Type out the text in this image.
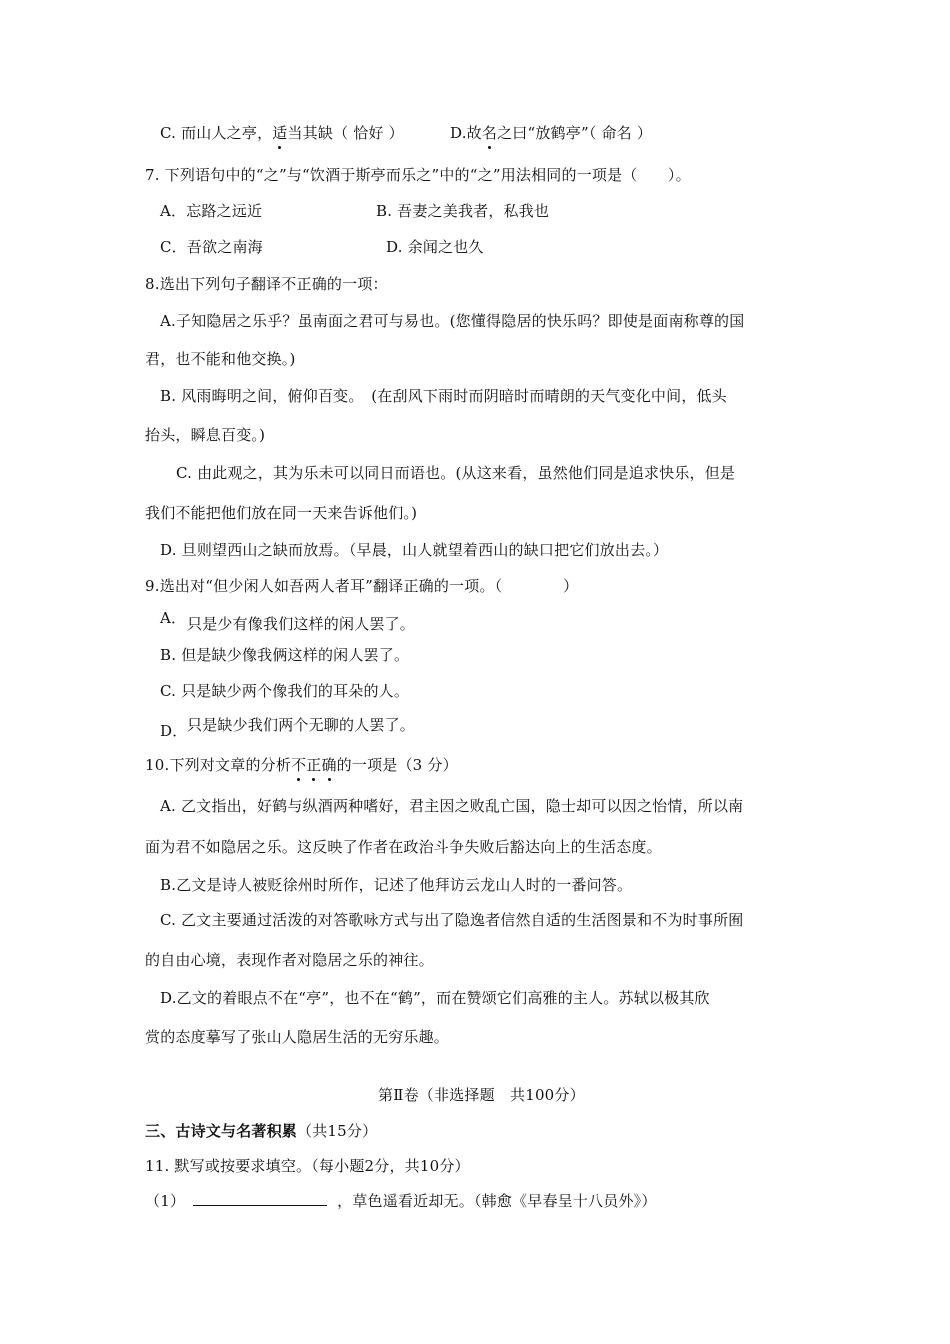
C. 而山人之亭，适当其缺（ 恰好 ）	D.故名之曰“放鹤亭”（ 命名 ）
7. 下列语句中的“之”与“饮酒于斯亭而乐之”中的“之”用法相同的一项是（　　）。
A．忘路之远近	B. 吾妻之美我者，私我也
C．吾欲之南海	D. 余闻之也久
8.选出下列句子翻译不正确的一项：
A.子知隐居之乐乎？虽南面之君可与易也。(您懂得隐居的快乐吗？即使是面南称尊的国
君，也不能和他交换。)
B. 风雨晦明之间，俯仰百变。　(在刮风下雨时而阴暗时而晴朗的天气变化中间，低头
抬头，瞬息百变。)
C. 由此观之，其为乐未可以同日而语也。(从这来看，虽然他们同是追求快乐，但是
我们不能把他们放在同一天来告诉他们。)
D. 旦则望西山之缺而放焉。（早晨，山人就望着西山的缺口把它们放出去。）
9.选出对“但少闲人如吾两人者耳”翻译正确的一项。（　　　　）
A． 只是少有像我们这样的闲人罢了。
B. 但是缺少像我俩这样的闲人罢了。
C. 只是缺少两个像我们的耳朵的人。
D． 只是缺少我们两个无聊的人罢了。
10.下列对文章的分析不正确的一项是（3 分）
A. 乙文指出，好鹤与纵酒两种嗜好，君主因之败乱亡国，隐士却可以因之怡情，所以南
面为君不如隐居之乐。这反映了作者在政治斗争失败后豁达向上的生活态度。
B.乙文是诗人被贬徐州时所作，记述了他拜访云龙山人时的一番问答。
C. 乙文主要通过活泼的对答歌咏方式与出了隐逸者信然自适的生活图景和不为时事所囿
的自由心境，表现作者对隐居之乐的神往。
D.乙文的着眼点不在“亭”，也不在“鹤”，而在赞颂它们高雅的主人。苏轼以极其欣
赏的态度摹写了张山人隐居生活的无穷乐趣。
第Ⅱ卷（非选择题　共100分）
三、古诗文与名著积累（共15分）
11. 默写或按要求填空。（每小题2分，共10分）
（1）	，草色遥看近却无。（韩愈《早春呈十八员外》）
